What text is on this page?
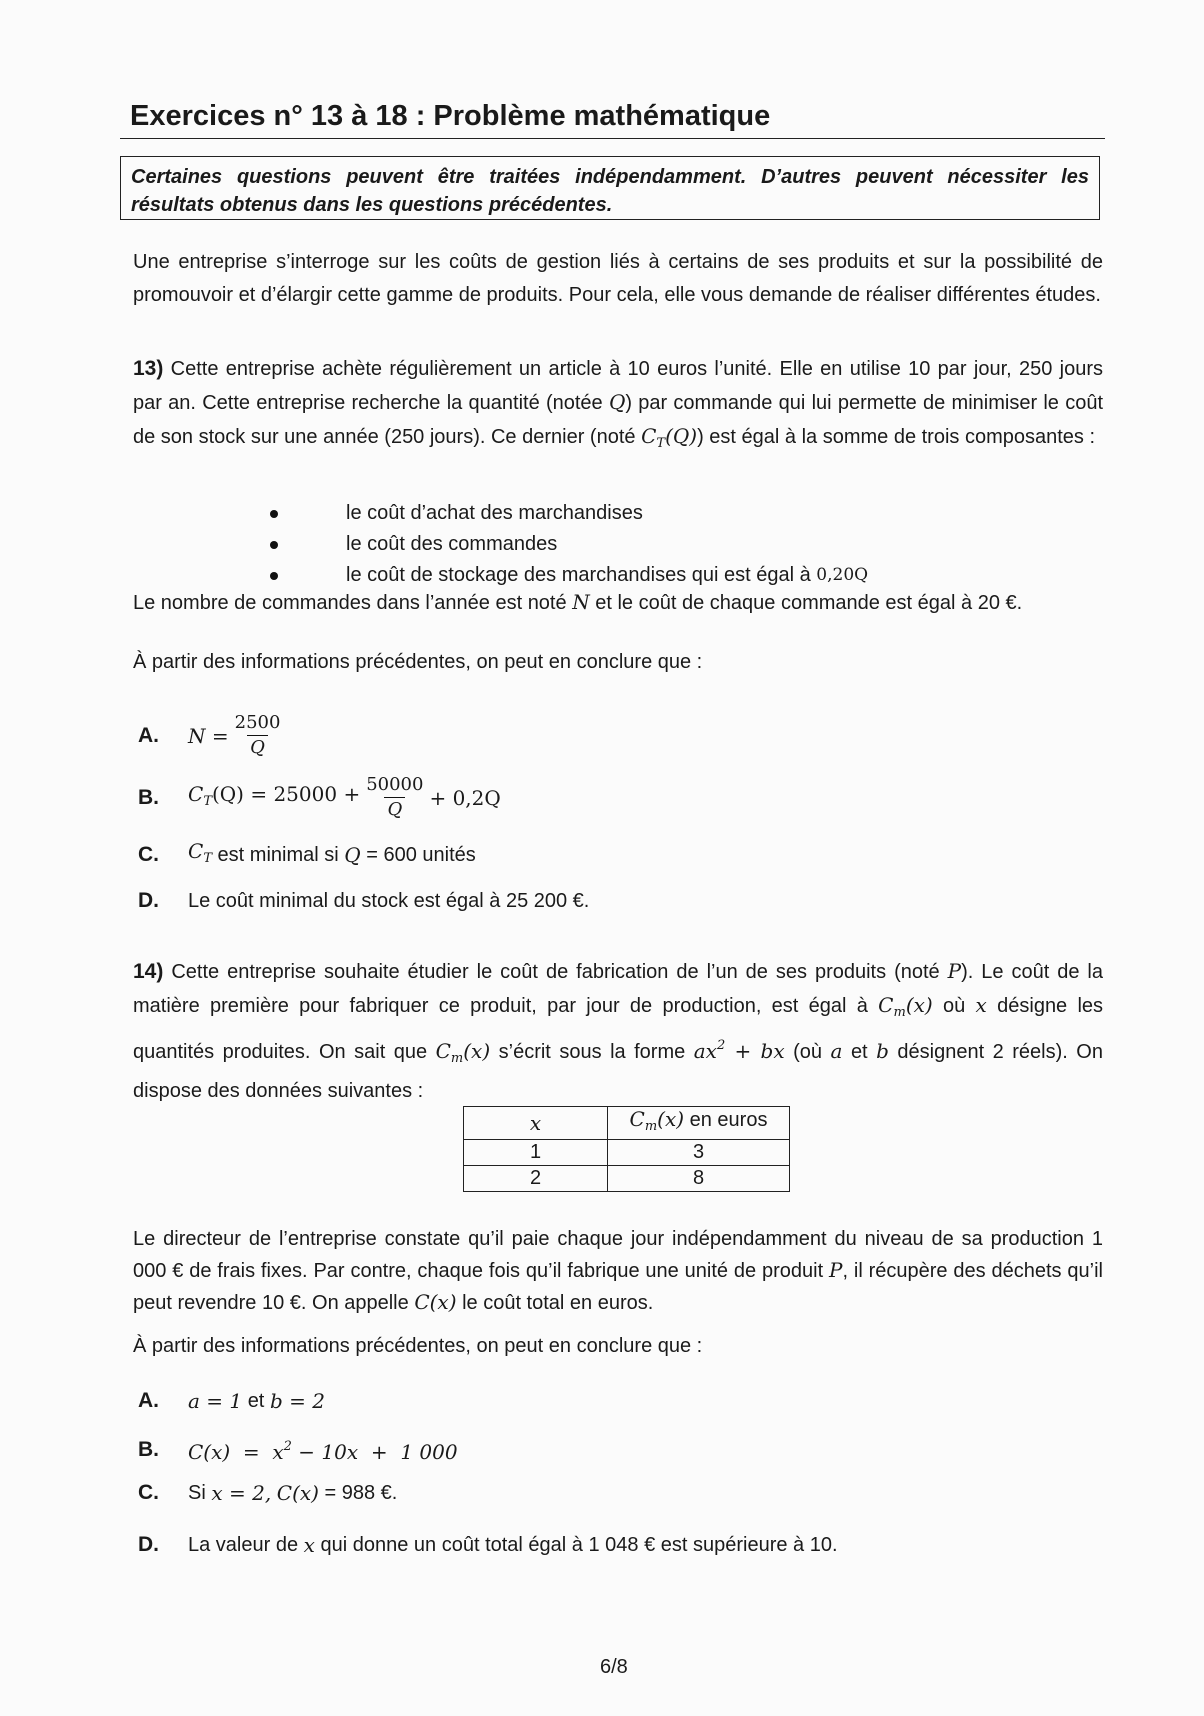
Exercices n° 13 à 18 : Problème mathématique
Certaines questions peuvent être traitées indépendamment. D’autres peuvent nécessiter les résultats obtenus dans les questions précédentes.

Une entreprise s’interroge sur les coûts de gestion liés à certains de ses produits et sur la possibilité de promouvoir et d’élargir cette gamme de produits. Pour cela, elle vous demande de réaliser différentes études.

13) Cette entreprise achète régulièrement un article à 10 euros l’unité. Elle en utilise 10 par jour, 250 jours par an. Cette entreprise recherche la quantité (notée Q) par commande qui lui permette de minimiser le coût de son stock sur une année (250 jours). Ce dernier (noté $C_T(Q)$) est égal à la somme de trois composantes :

le coût d’achat des marchandises
le coût des commandes
le coût de stockage des marchandises qui est égal à
0,20Q

Le nombre de commandes dans l’année est noté N et le coût de chaque commande est égal à 20 €.

À partir des informations précédentes, on peut en conclure que :

A.	$N = \frac{2500}{Q}$
B.	$C_T(Q) = 25000 + \frac{50000}{Q} + 0,2Q$
C.	$C_T$
est minimal si
Q
= 600 unités
D.	Le coût minimal du stock est égal à 25 200 €.

14) Cette entreprise souhaite étudier le coût de fabrication de l’un de ses produits (noté P). Le coût de la matière première pour fabriquer ce produit, par jour de production, est égal à $C_m(x)$ où x désigne les quantités produites. On sait que $C_m(x)$ s’écrit sous la forme $ax^2$ + bx (où a et b désignent 2 réels). On dispose des données suivantes :

x	$C_m(x)$ en euros
1	3
2	8

Le directeur de l’entreprise constate qu’il paie chaque jour indépendamment du niveau de sa production 1 000 € de frais fixes. Par contre, chaque fois qu’il fabrique une unité de produit P, il récupère des déchets qu’il peut revendre 10 €. On appelle C(x) le coût total en euros.

À partir des informations précédentes, on peut en conclure que :

A.	a = 1
et
b = 2
B.	$C(x) = x^2 - 10x + 1$ 000
C.	Si
x = 2,
C(x)
= 988 €.
D.	La valeur de
x
qui donne un coût total égal à 1 048 € est supérieure à 10.
6/8
